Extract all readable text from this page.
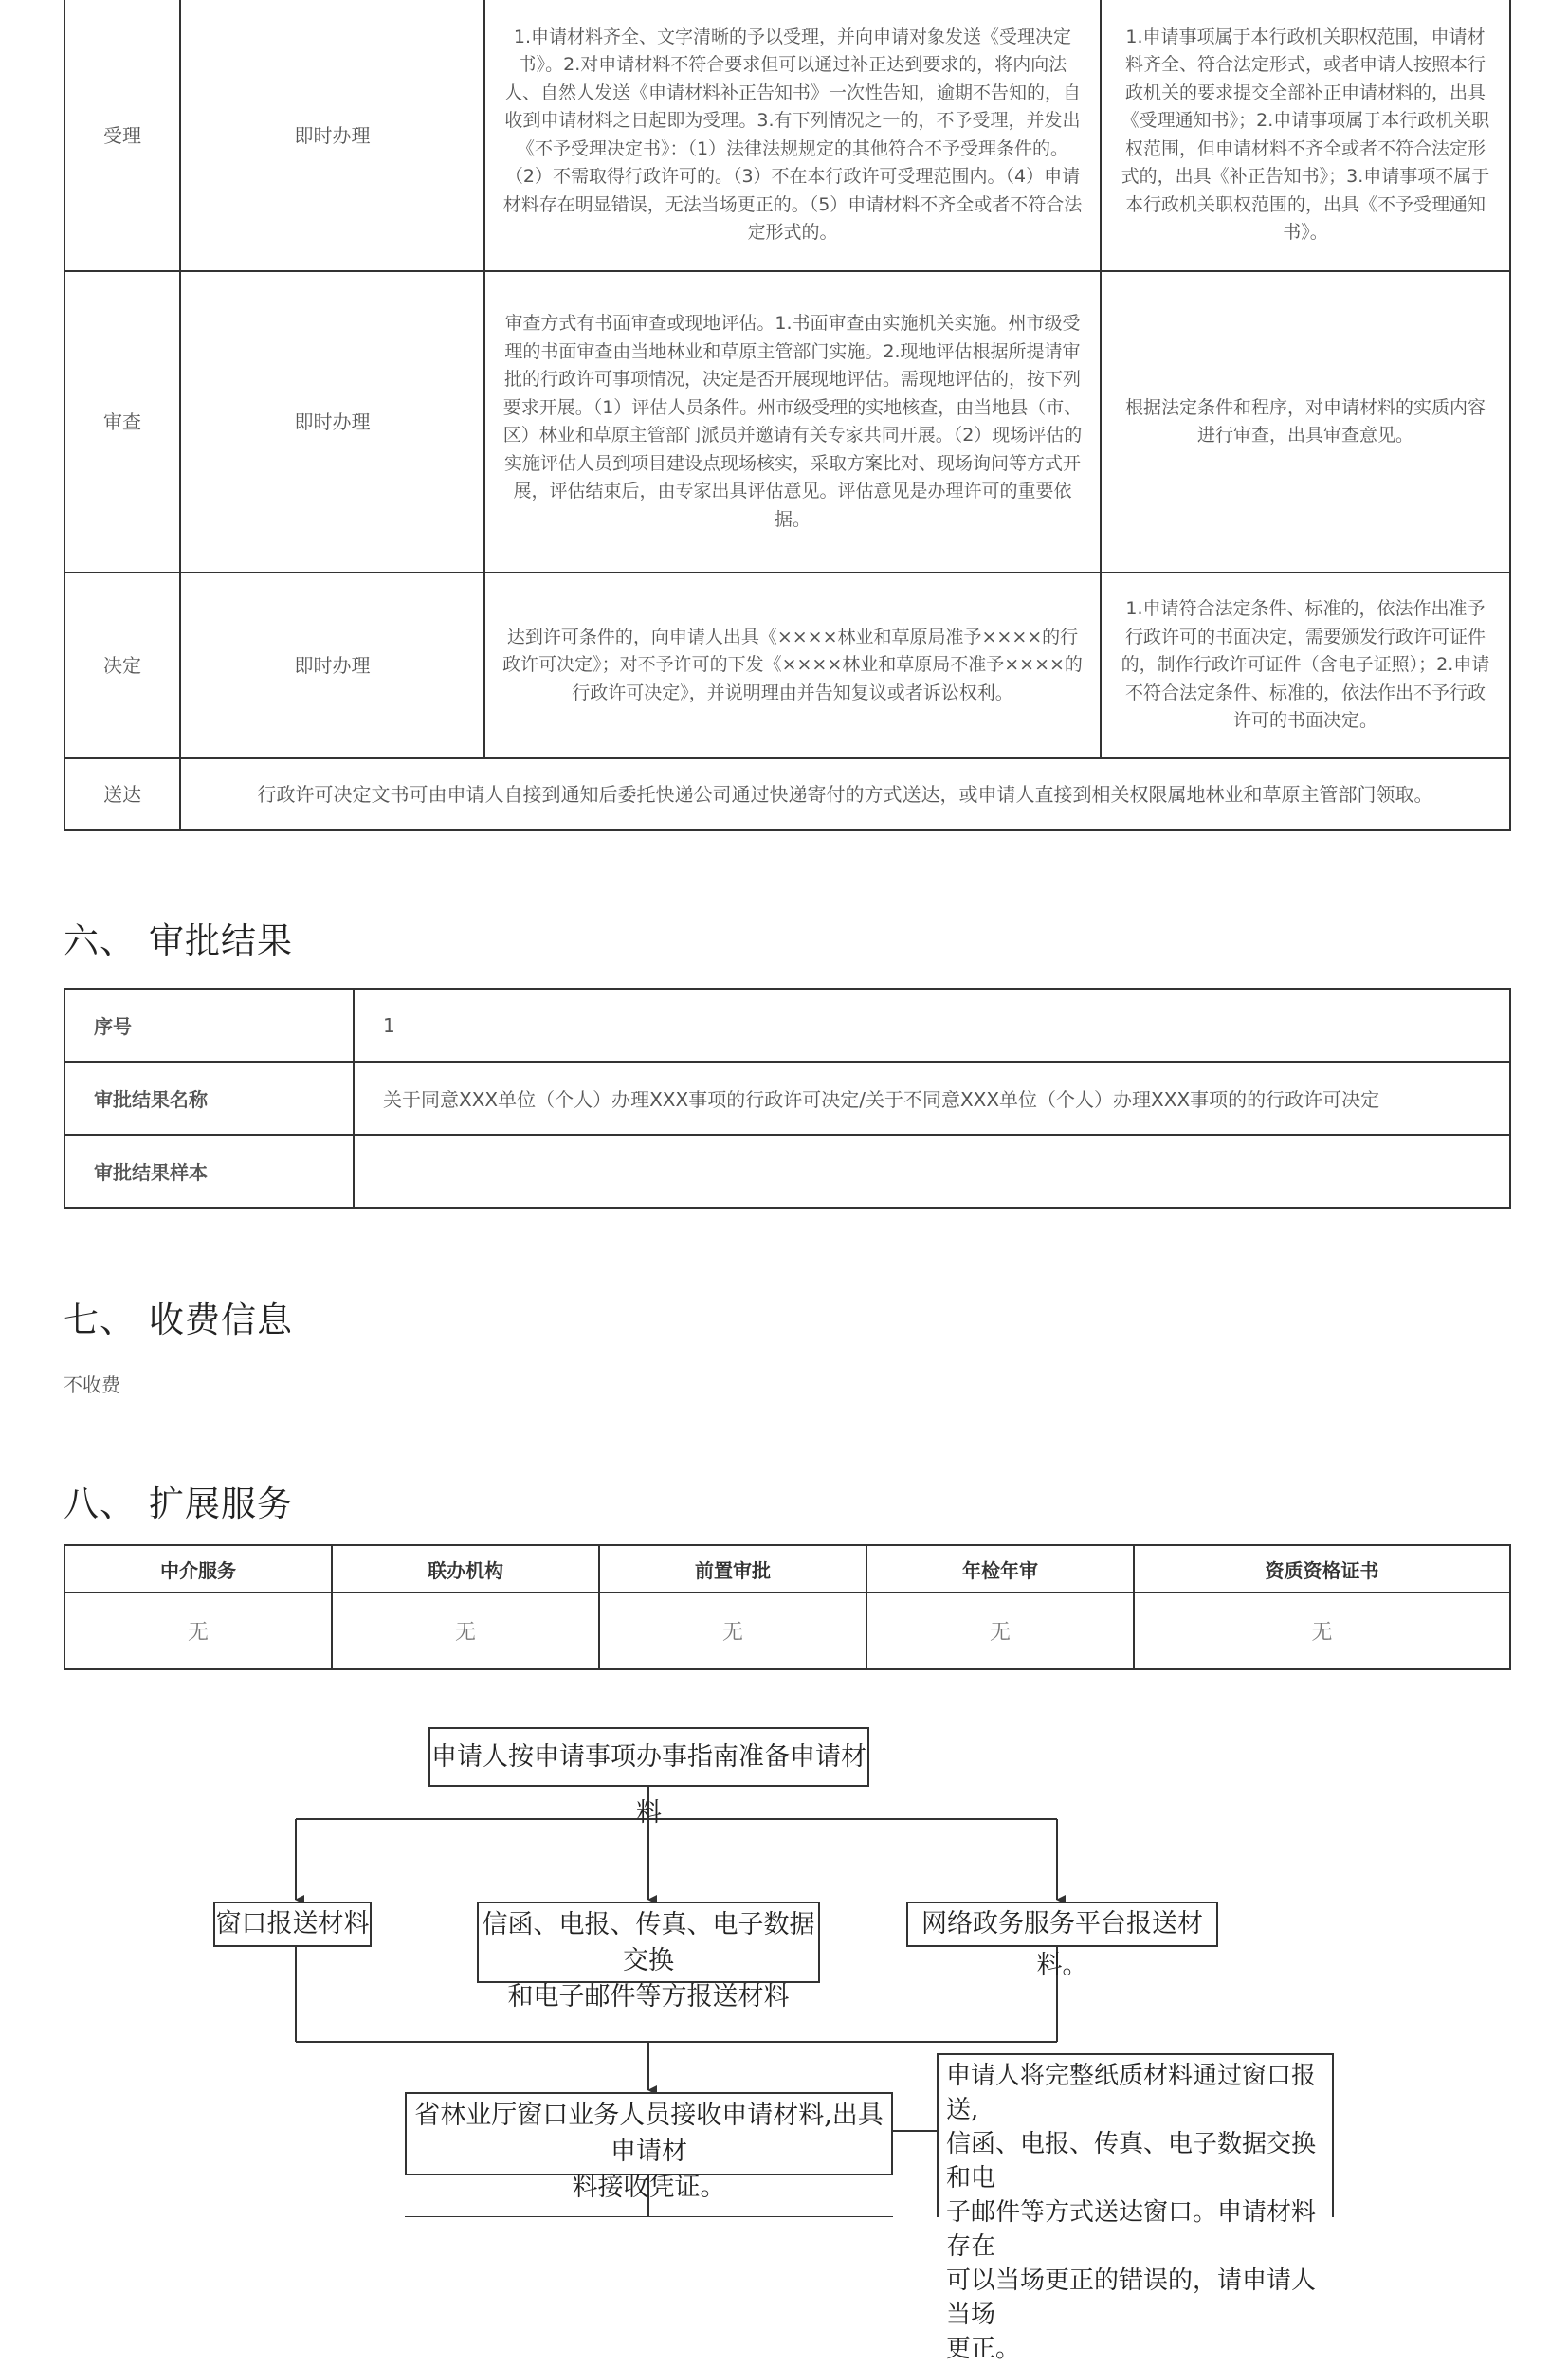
受理	即时办理	1.申请材料齐全、文字清晰的予以受理，并向申请对象发送《受理决定书》。2.对申请材料不符合要求但可以通过补正达到要求的，将内向法人、自然人发送《申请材料补正告知书》一次性告知，逾期不告知的，自收到申请材料之日起即为受理。3.有下列情况之一的，不予受理，并发出《不予受理决定书》：（1）法律法规规定的其他符合不予受理条件的。（2）不需取得行政许可的。（3）不在本行政许可受理范围内。（4）申请材料存在明显错误，无法当场更正的。（5）申请材料不齐全或者不符合法定形式的。	1.申请事项属于本行政机关职权范围，申请材料齐全、符合法定形式，或者申请人按照本行政机关的要求提交全部补正申请材料的，出具《受理通知书》；2.申请事项属于本行政机关职权范围，但申请材料不齐全或者不符合法定形式的，出具《补正告知书》；3.申请事项不属于本行政机关职权范围的，出具《不予受理通知书》。
审查	即时办理	审查方式有书面审查或现地评估。1.书面审查由实施机关实施。州市级受理的书面审查由当地林业和草原主管部门实施。2.现地评估根据所提请审批的行政许可事项情况，决定是否开展现地评估。需现地评估的，按下列要求开展。（1）评估人员条件。州市级受理的实地核查，由当地县（市、区）林业和草原主管部门派员并邀请有关专家共同开展。（2）现场评估的实施评估人员到项目建设点现场核实，采取方案比对、现场询问等方式开展，评估结束后，由专家出具评估意见。评估意见是办理许可的重要依据。	根据法定条件和程序，对申请材料的实质内容进行审查，出具审查意见。
决定	即时办理	达到许可条件的，向申请人出具《××××林业和草原局准予××××的行政许可决定》；对不予许可的下发《××××林业和草原局不准予××××的行政许可决定》，并说明理由并告知复议或者诉讼权利。	1.申请符合法定条件、标准的，依法作出准予行政许可的书面决定，需要颁发行政许可证件的，制作行政许可证件（含电子证照）；2.申请不符合法定条件、标准的，依法作出不予行政许可的书面决定。
送达	行政许可决定文书可由申请人自接到通知后委托快递公司通过快递寄付的方式送达，或申请人直接到相关权限属地林业和草原主管部门领取。		
六、 审批结果
序号	1
审批结果名称	关于同意XXX单位（个人）办理XXX事项的行政许可决定/关于不同意XXX单位（个人）办理XXX事项的的行政许可决定
审批结果样本	
七、 收费信息
不收费
八、 扩展服务
中介服务	联办机构	前置审批	年检年审	资质资格证书
无	无	无	无	无
申请人按申请事项办事指南准备申请材料
窗口报送材料	信函、电报、传真、电子数据交换
和电子邮件等方报送材料
网络政务服务平台报送材料。
省林业厅窗口业务人员接收申请材料,出具申请材
料接收凭证。
申请人将完整纸质材料通过窗口报送,
信函、电报、传真、电子数据交换和电
子邮件等方式送达窗口。申请材料存在
可以当场更正的错误的，请申请人当场
更正。
